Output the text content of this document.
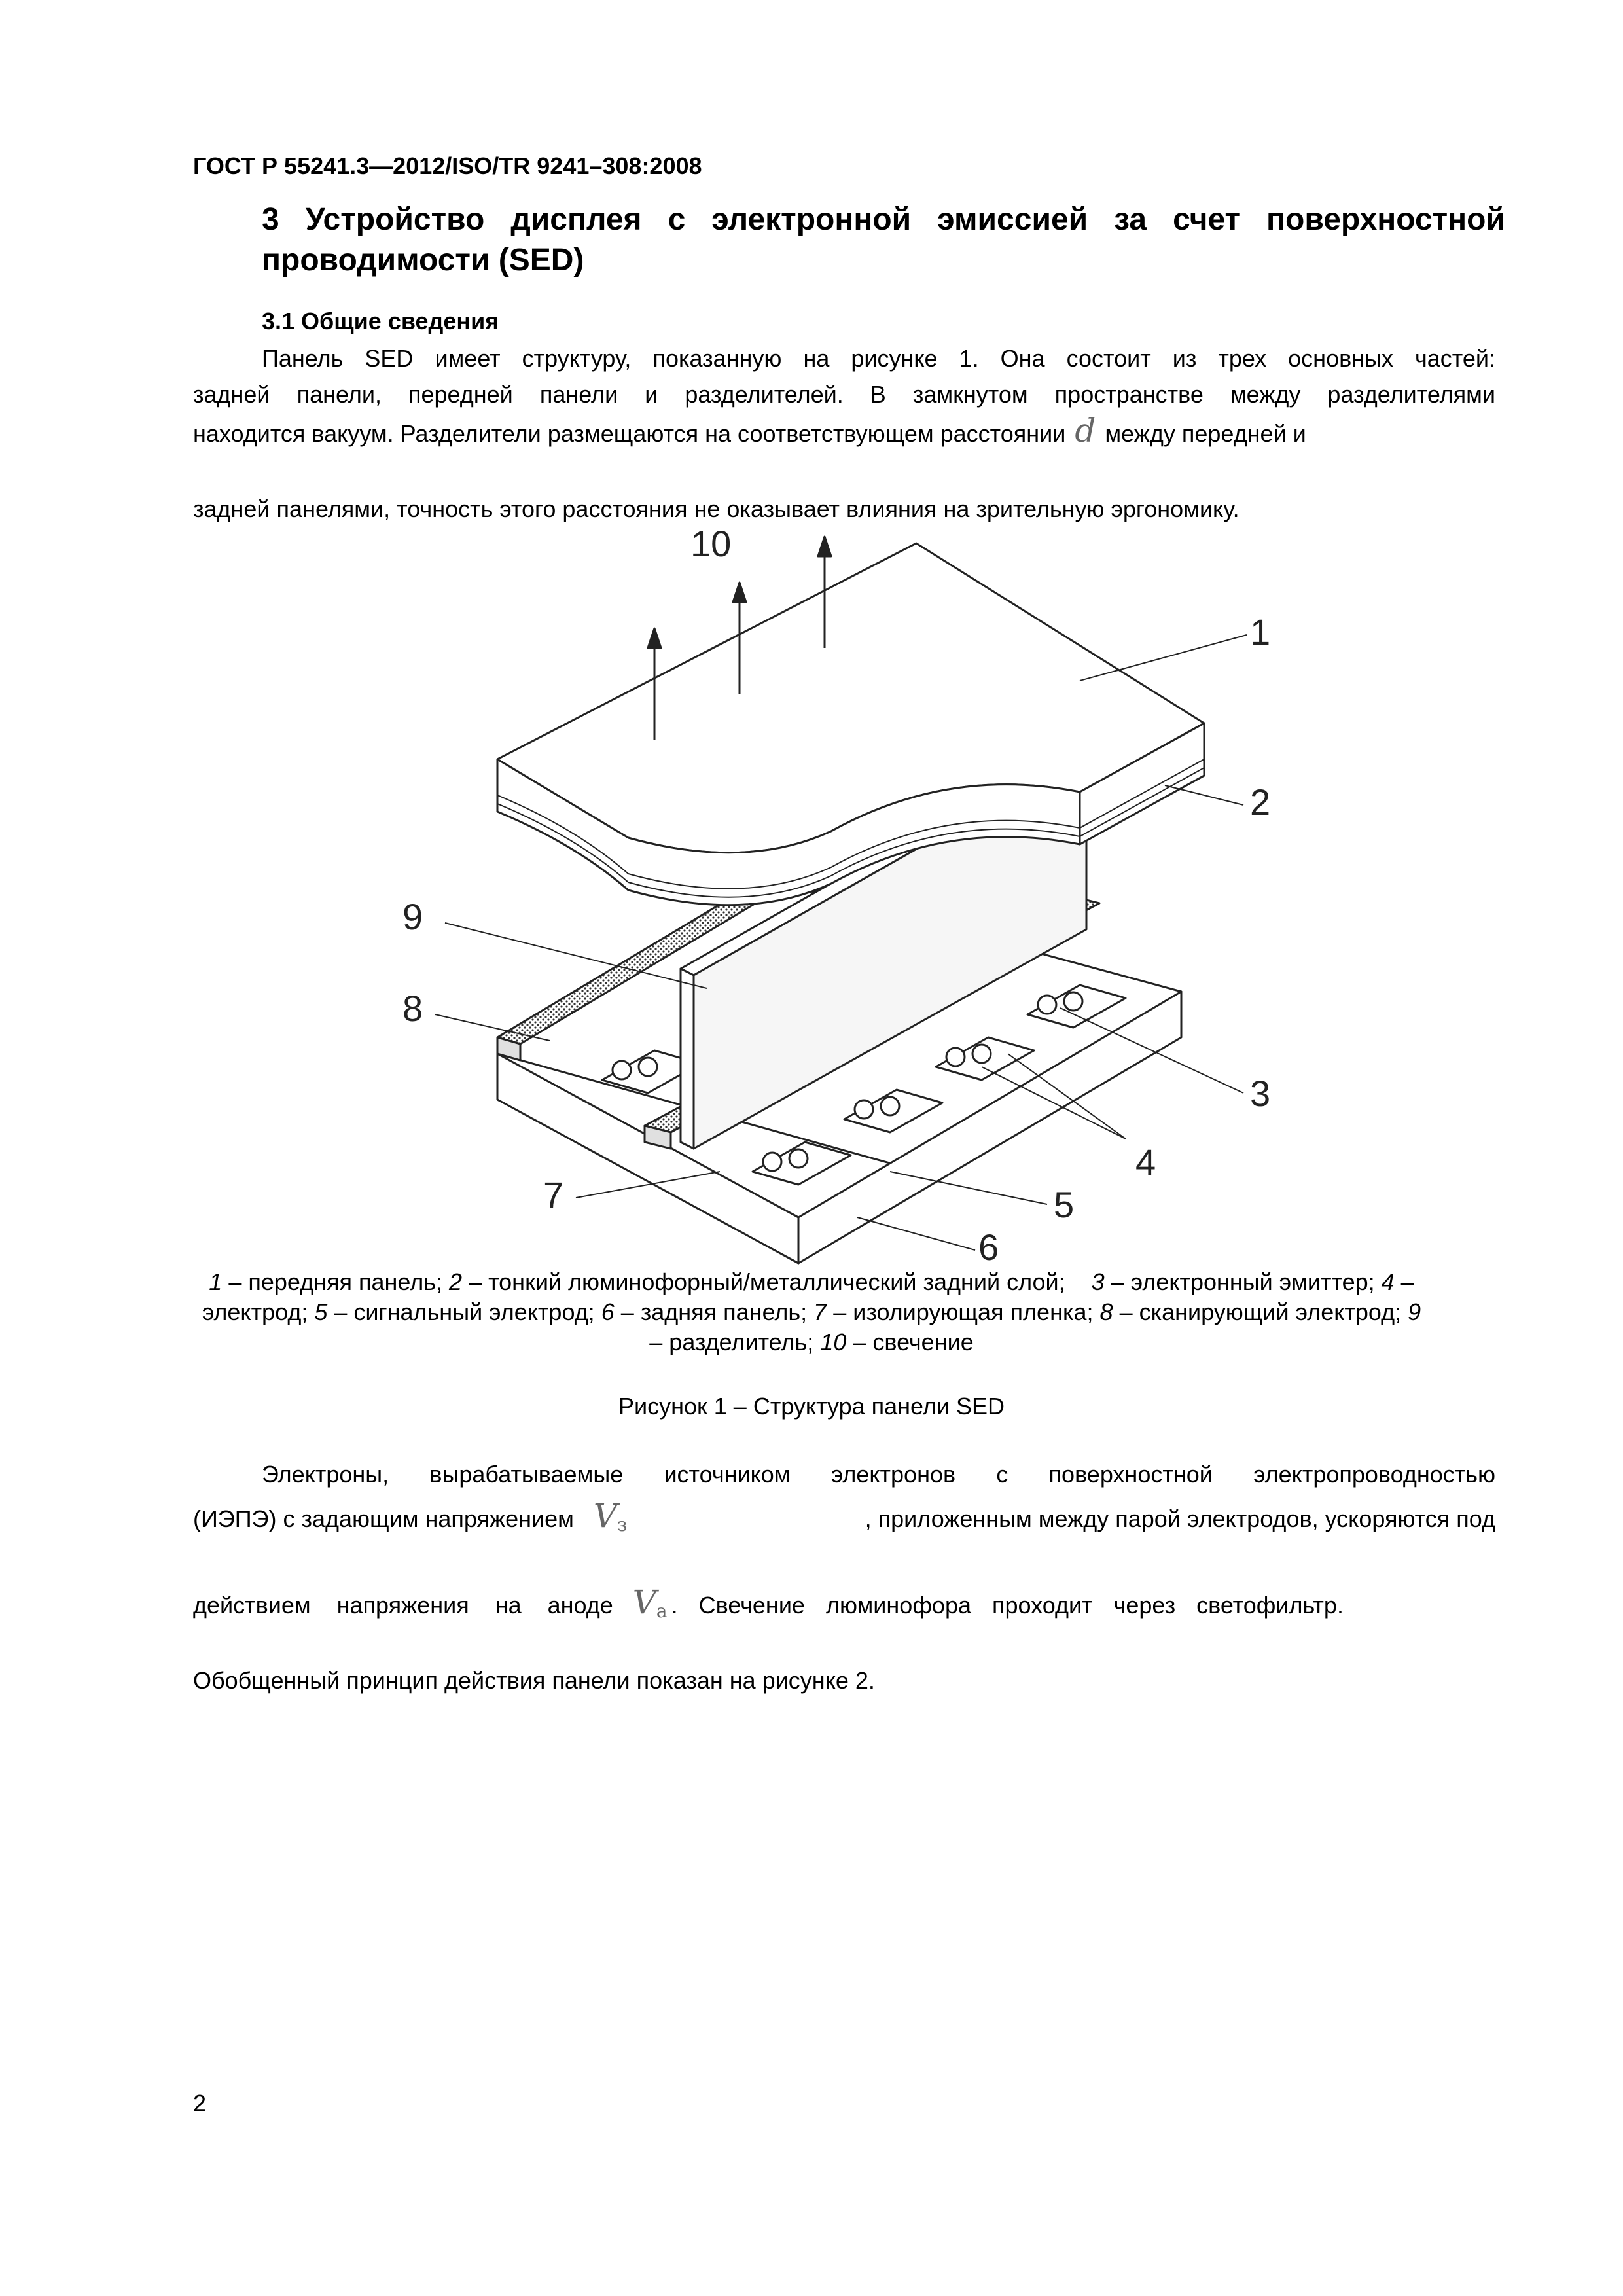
ГОСТ Р 55241.3—2012/ISO/TR 9241–308:2008
3 Устройство дисплея с электронной эмиссией за счет поверхностной проводимости (SED)
3.1 Общие сведения
Панель SED имеет структуру, показанную на рисунке 1. Она состоит из трех основных частей:
задней панели, передней панели и разделителей. В замкнутом пространстве между разделителями
находится вакуум. Разделители размещаются на соответствующем расстоянии d между передней и
задней панелями, точность этого расстояния не оказывает влияния на зрительную эргономику.
1
2
3
4
5
6
7
8
9
10
1 – передняя панель; 2 – тонкий люминофорный/металлический задний слой; 3 – электронный эмиттер; 4 – электрод; 5 – сигнальный электрод; 6 – задняя панель; 7 – изолирующая пленка; 8 – сканирующий электрод; 9 – разделитель; 10 – свечение
Рисунок 1 – Структура панели SED
Электроны, вырабатываемые источником электронов с поверхностной электропроводностью
(ИЭПЭ) с задающим напряжением $V_з$	, приложенным между парой электродов, ускоряются под
действием напряжения на аноде $V_а$ . Свечение люминофора проходит через светофильтр.
Обобщенный принцип действия панели показан на рисунке 2.
2
